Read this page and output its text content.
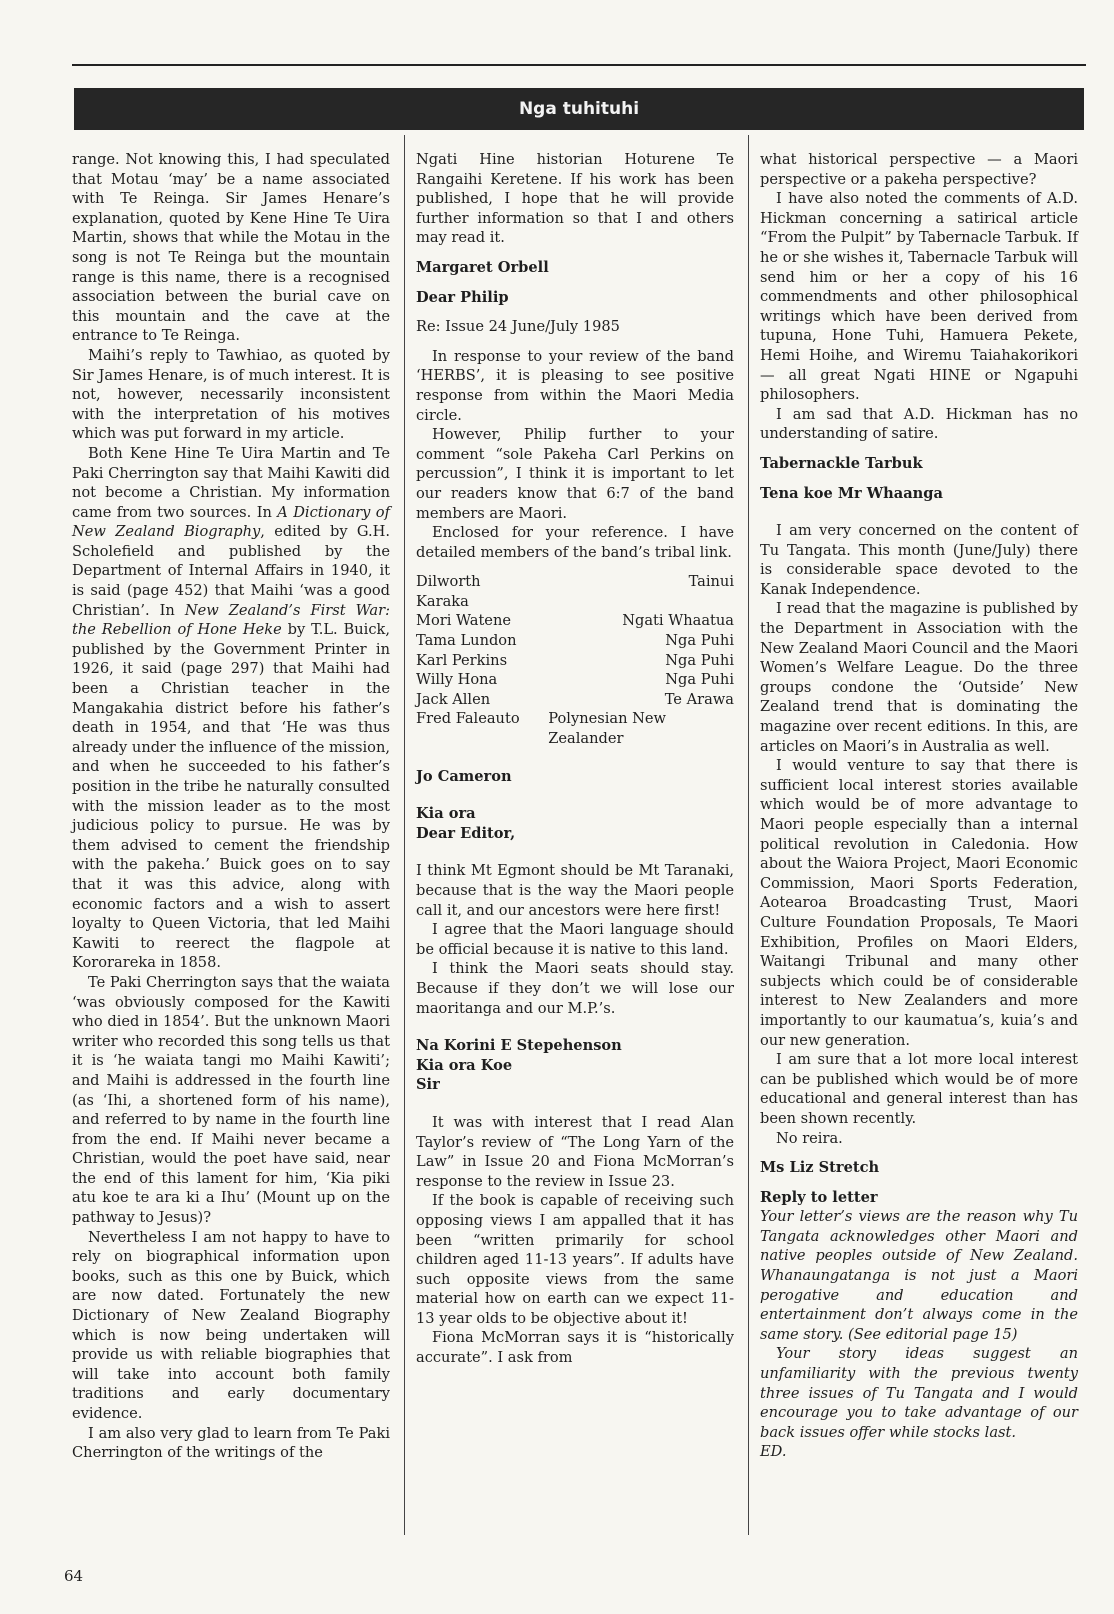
Nga tuhituhi

range. Not knowing this, I had speculated that Motau ‘may’ be a name associated with Te Reinga. Sir James Henare’s explanation, quoted by Kene Hine Te Uira Martin, shows that while the Motau in the song is not Te Reinga but the mountain range is this name, there is a recognised association between the burial cave on this mountain and the cave at the entrance to Te Reinga.

Maihi’s reply to Tawhiao, as quoted by Sir James Henare, is of much interest. It is not, however, necessarily inconsistent with the interpretation of his motives which was put forward in my article.

Both Kene Hine Te Uira Martin and Te Paki Cherrington say that Maihi Kawiti did not become a Christian. My information came from two sources. In A Dictionary of New Zealand Biography, edited by G.H. Scholefield and published by the Department of Internal Affairs in 1940, it is said (page 452) that Maihi ‘was a good Christian’. In New Zealand’s First War: the Rebellion of Hone Heke by T.L. Buick, published by the Government Printer in 1926, it said (page 297) that Maihi had been a Christian teacher in the Mangakahia district before his father’s death in 1954, and that ‘He was thus already under the influence of the mission, and when he succeeded to his father’s position in the tribe he naturally consulted with the mission leader as to the most judicious policy to pursue. He was by them advised to cement the friendship with the pakeha.’ Buick goes on to say that it was this advice, along with economic factors and a wish to assert loyalty to Queen Victoria, that led Maihi Kawiti to reerect the flagpole at Kororareka in 1858.

Te Paki Cherrington says that the waiata ‘was obviously composed for the Kawiti who died in 1854’. But the unknown Maori writer who recorded this song tells us that it is ‘he waiata tangi mo Maihi Kawiti’; and Maihi is addressed in the fourth line (as ‘Ihi, a shortened form of his name), and referred to by name in the fourth line from the end. If Maihi never became a Christian, would the poet have said, near the end of this lament for him, ‘Kia piki atu koe te ara ki a Ihu’ (Mount up on the pathway to Jesus)?

Nevertheless I am not happy to have to rely on biographical information upon books, such as this one by Buick, which are now dated. Fortunately the new Dictionary of New Zealand Biography which is now being undertaken will provide us with reliable biographies that will take into account both family traditions and early documentary evidence.

I am also very glad to learn from Te Paki Cherrington of the writings of the

Ngati Hine historian Hoturene Te Rangaihi Keretene. If his work has been published, I hope that he will provide further information so that I and others may read it.

Margaret Orbell

Dear Philip

Re: Issue 24 June/July 1985

In response to your review of the band ‘HERBS’, it is pleasing to see positive response from within the Maori Media circle.

However, Philip further to your comment “sole Pakeha Carl Perkins on percussion”, I think it is important to let our readers know that 6:7 of the band members are Maori.

Enclosed for your reference. I have detailed members of the band’s tribal link.

Dilworth Karaka	Tainui
Mori Watene	Ngati Whaatua
Tama Lundon	Nga Puhi
Karl Perkins	Nga Puhi
Willy Hona	Nga Puhi
Jack Allen	Te Arawa
Fred Faleauto	Polynesian New Zealander

Jo Cameron

Kia ora

Dear Editor,

I think Mt Egmont should be Mt Taranaki, because that is the way the Maori people call it, and our ancestors were here first!

I agree that the Maori language should be official because it is native to this land.

I think the Maori seats should stay. Because if they don’t we will lose our maoritanga and our M.P.’s.

Na Korini E Stepehenson

Kia ora Koe

Sir

It was with interest that I read Alan Taylor’s review of “The Long Yarn of the Law” in Issue 20 and Fiona McMorran’s response to the review in Issue 23.

If the book is capable of receiving such opposing views I am appalled that it has been “written primarily for school children aged 11-13 years”. If adults have such opposite views from the same material how on earth can we expect 11-13 year olds to be objective about it!

Fiona McMorran says it is “historically accurate”. I ask from

what historical perspective — a Maori perspective or a pakeha perspective?

I have also noted the comments of A.D. Hickman concerning a satirical article “From the Pulpit” by Tabernacle Tarbuk. If he or she wishes it, Tabernacle Tarbuk will send him or her a copy of his 16 commendments and other philosophical writings which have been derived from tupuna, Hone Tuhi, Hamuera Pekete, Hemi Hoihe, and Wiremu Taiahakorikori — all great Ngati HINE or Ngapuhi philosophers.

I am sad that A.D. Hickman has no understanding of satire.

Tabernackle Tarbuk

Tena koe Mr Whaanga

I am very concerned on the content of Tu Tangata. This month (June/July) there is considerable space devoted to the Kanak Independence.

I read that the magazine is published by the Department in Association with the New Zealand Maori Council and the Maori Women’s Welfare League. Do the three groups condone the ‘Outside’ New Zealand trend that is dominating the magazine over recent editions. In this, are articles on Maori’s in Australia as well.

I would venture to say that there is sufficient local interest stories available which would be of more advantage to Maori people especially than a internal political revolution in Caledonia. How about the Waiora Project, Maori Economic Commission, Maori Sports Federation, Aotearoa Broadcasting Trust, Maori Culture Foundation Proposals, Te Maori Exhibition, Profiles on Maori Elders, Waitangi Tribunal and many other subjects which could be of considerable interest to New Zealanders and more importantly to our kaumatua’s, kuia’s and our new generation.

I am sure that a lot more local interest can be published which would be of more educational and general interest than has been shown recently.

No reira.

Ms Liz Stretch

Reply to letter

Your letter’s views are the reason why Tu Tangata acknowledges other Maori and native peoples outside of New Zealand. Whanaungatanga is not just a Maori perogative and education and entertainment don’t always come in the same story. (See editorial page 15)

Your story ideas suggest an unfamiliarity with the previous twenty three issues of Tu Tangata and I would encourage you to take advantage of our back issues offer while stocks last.

ED.

64
